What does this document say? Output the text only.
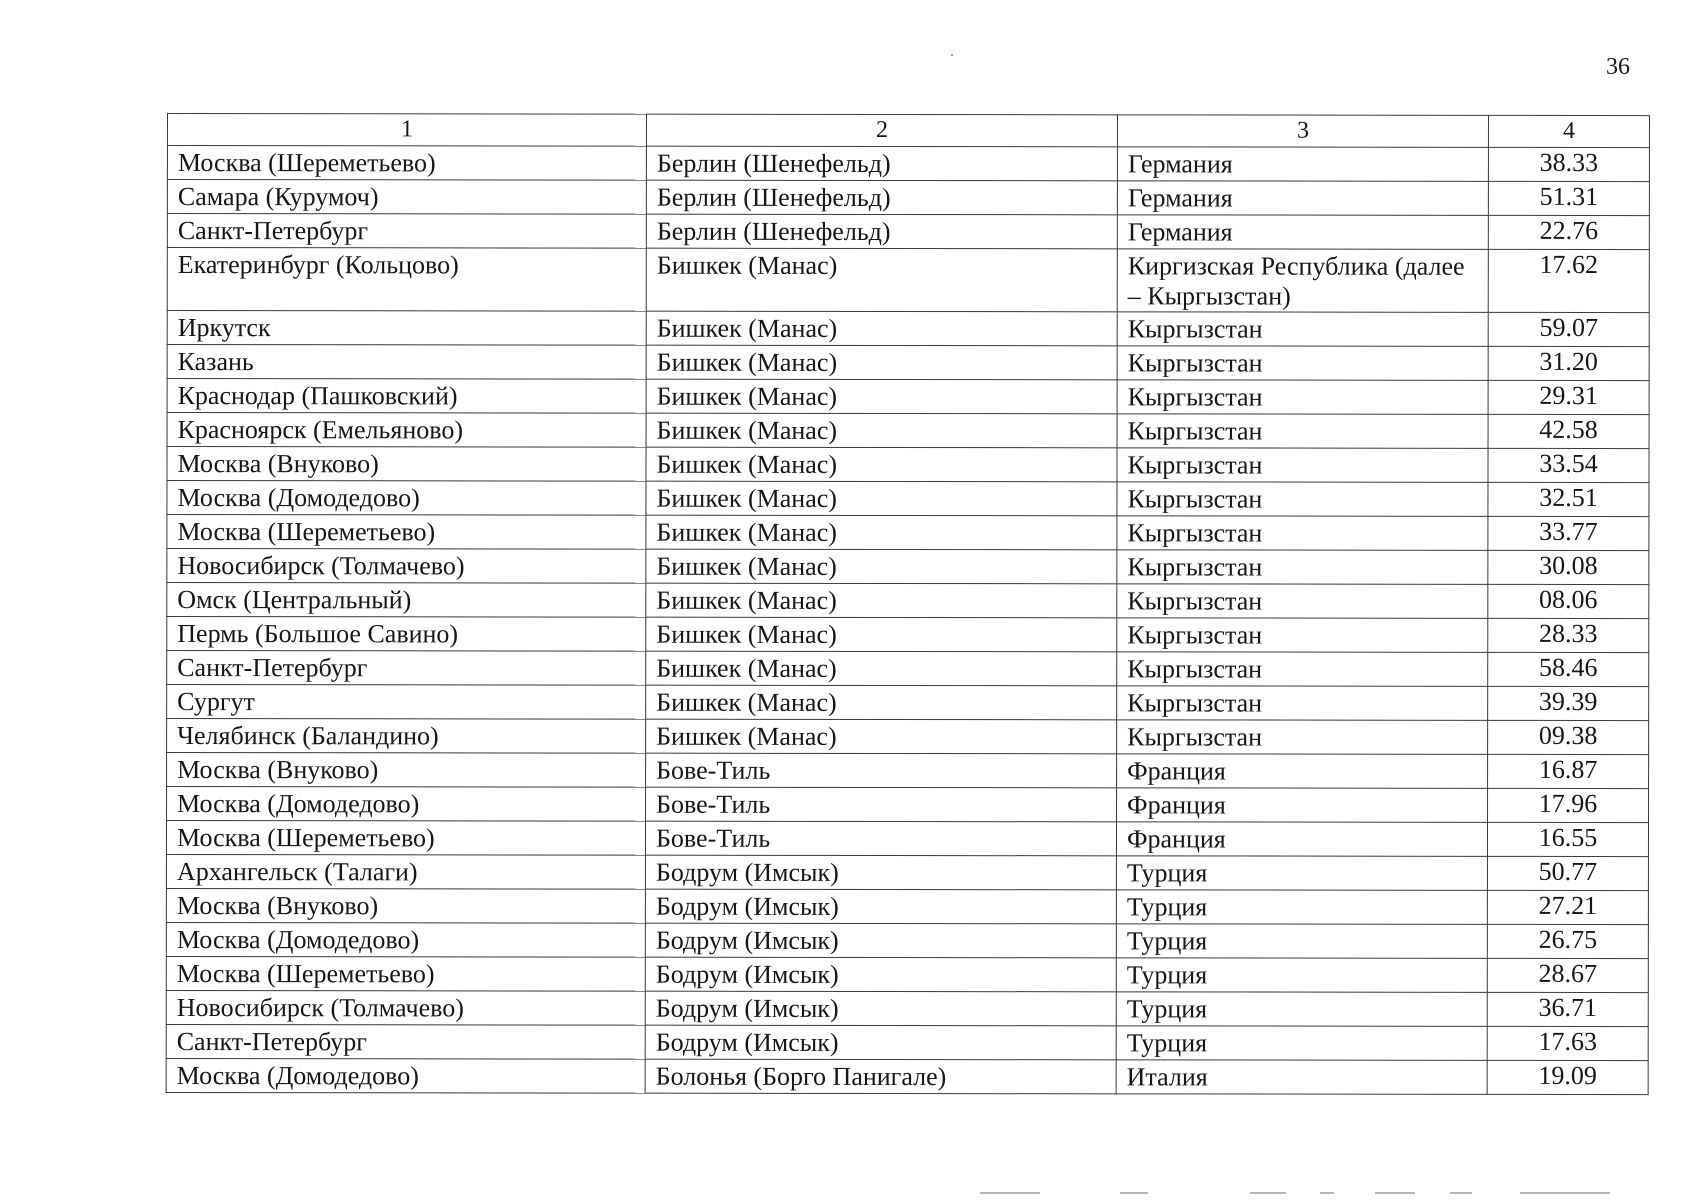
36
1	2	3	4
Москва (Шереметьево)	Берлин (Шенефельд)	Германия	38.33
Самара (Курумоч)	Берлин (Шенефельд)	Германия	51.31
Санкт-Петербург	Берлин (Шенефельд)	Германия	22.76
Екатеринбург (Кольцово)	Бишкек (Манас)	Киргизская Республика (далее – Кыргызстан)	17.62
Иркутск	Бишкек (Манас)	Кыргызстан	59.07
Казань	Бишкек (Манас)	Кыргызстан	31.20
Краснодар (Пашковский)	Бишкек (Манас)	Кыргызстан	29.31
Красноярск (Емельяново)	Бишкек (Манас)	Кыргызстан	42.58
Москва (Внуково)	Бишкек (Манас)	Кыргызстан	33.54
Москва (Домодедово)	Бишкек (Манас)	Кыргызстан	32.51
Москва (Шереметьево)	Бишкек (Манас)	Кыргызстан	33.77
Новосибирск (Толмачево)	Бишкек (Манас)	Кыргызстан	30.08
Омск (Центральный)	Бишкек (Манас)	Кыргызстан	08.06
Пермь (Большое Савино)	Бишкек (Манас)	Кыргызстан	28.33
Санкт-Петербург	Бишкек (Манас)	Кыргызстан	58.46
Сургут	Бишкек (Манас)	Кыргызстан	39.39
Челябинск (Баландино)	Бишкек (Манас)	Кыргызстан	09.38
Москва (Внуково)	Бове-Тиль	Франция	16.87
Москва (Домодедово)	Бове-Тиль	Франция	17.96
Москва (Шереметьево)	Бове-Тиль	Франция	16.55
Архангельск (Талаги)	Бодрум (Имсык)	Турция	50.77
Москва (Внуково)	Бодрум (Имсык)	Турция	27.21
Москва (Домодедово)	Бодрум (Имсык)	Турция	26.75
Москва (Шереметьево)	Бодрум (Имсык)	Турция	28.67
Новосибирск (Толмачево)	Бодрум (Имсык)	Турция	36.71
Санкт-Петербург	Бодрум (Имсык)	Турция	17.63
Москва (Домодедово)	Болонья (Борго Панигале)	Италия	19.09
